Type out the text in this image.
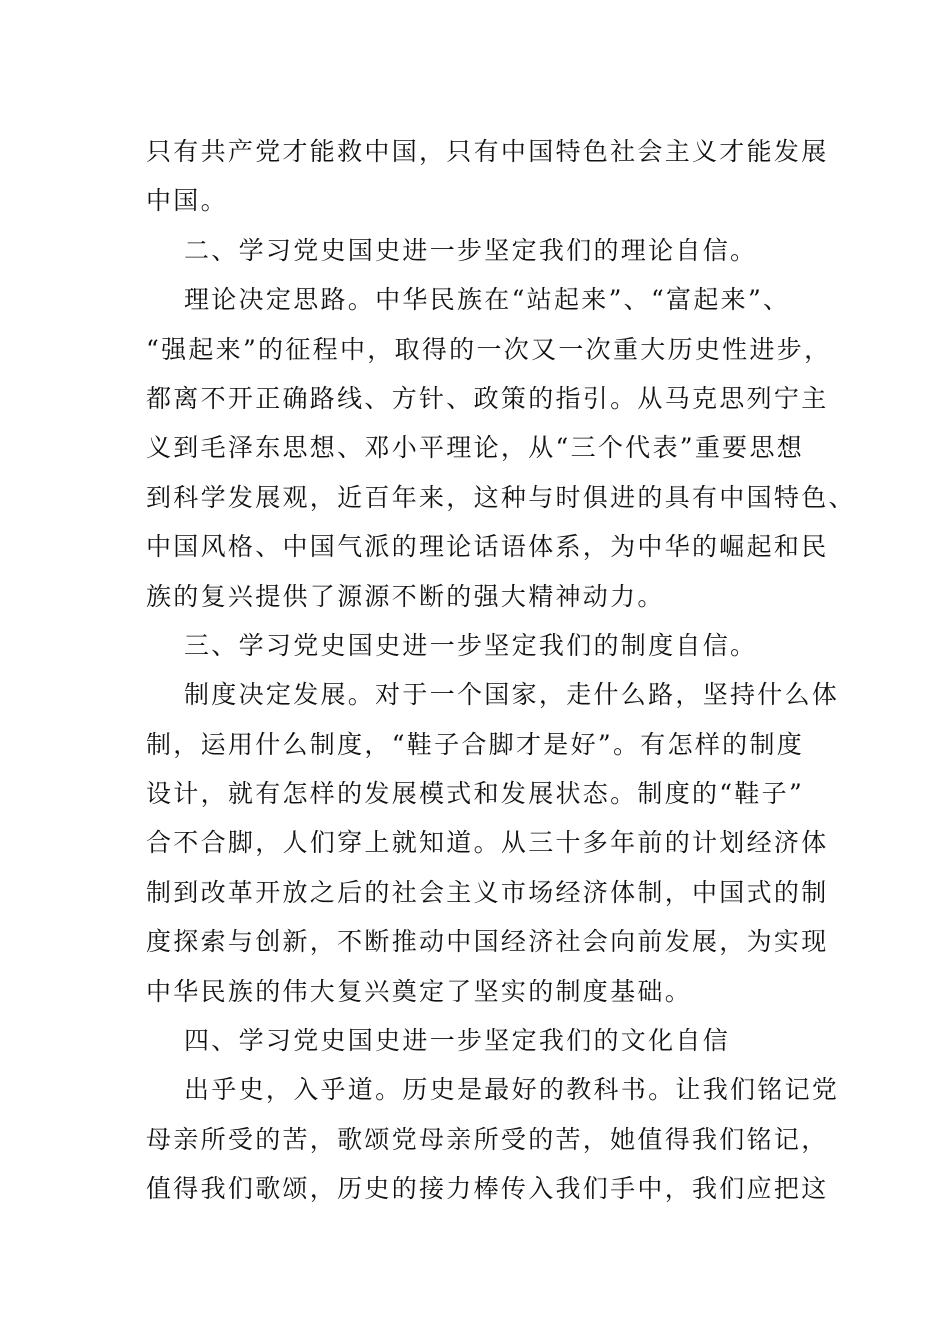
只有共产党才能救中国，只有中国特色社会主义才能发展
中国。
二、学习党史国史进一步坚定我们的理论自信。
理论决定思路。中华民族在“站起来”、“富起来”、
“强起来”的征程中，取得的一次又一次重大历史性进步，
都离不开正确路线、方针、政策的指引。从马克思列宁主
义到毛泽东思想、邓小平理论，从“三个代表”重要思想
到科学发展观，近百年来，这种与时俱进的具有中国特色、
中国风格、中国气派的理论话语体系，为中华的崛起和民
族的复兴提供了源源不断的强大精神动力。
三、学习党史国史进一步坚定我们的制度自信。
制度决定发展。对于一个国家，走什么路，坚持什么体
制，运用什么制度，“鞋子合脚才是好”。有怎样的制度
设计，就有怎样的发展模式和发展状态。制度的“鞋子”
合不合脚，人们穿上就知道。从三十多年前的计划经济体
制到改革开放之后的社会主义市场经济体制，中国式的制
度探索与创新，不断推动中国经济社会向前发展，为实现
中华民族的伟大复兴奠定了坚实的制度基础。
四、学习党史国史进一步坚定我们的文化自信
出乎史，入乎道。历史是最好的教科书。让我们铭记党
母亲所受的苦，歌颂党母亲所受的苦，她值得我们铭记，
值得我们歌颂，历史的接力棒传入我们手中，我们应把这
